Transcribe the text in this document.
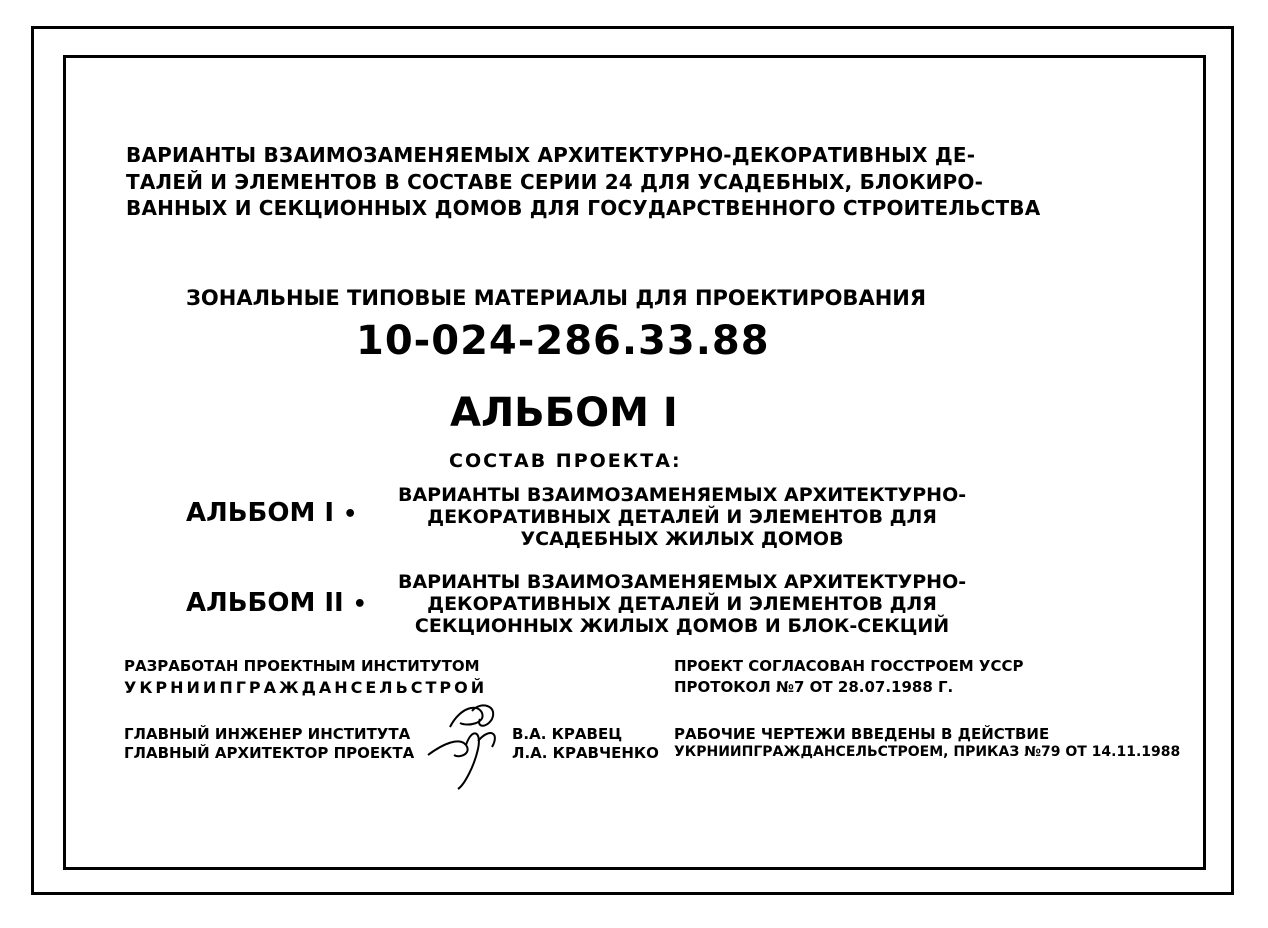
ВАРИАНТЫ ВЗАИМОЗАМЕНЯЕМЫХ АРХИТЕКТУРНО-ДЕКОРАТИВНЫХ ДЕ-
ТАЛЕЙ И ЭЛЕМЕНТОВ В СОСТАВЕ СЕРИИ 24 ДЛЯ УСАДЕБНЫХ, БЛОКИРО-
ВАННЫХ И СЕКЦИОННЫХ ДОМОВ ДЛЯ ГОСУДАРСТВЕННОГО СТРОИТЕЛЬСТВА
ЗОНАЛЬНЫЕ ТИПОВЫЕ МАТЕРИАЛЫ ДЛЯ ПРОЕКТИРОВАНИЯ
10-024-286.33.88
АЛЬБОМ I
СОСТАВ ПРОЕКТА:
АЛЬБОМ I •
ВАРИАНТЫ ВЗАИМОЗАМЕНЯЕМЫХ АРХИТЕКТУРНО-
ДЕКОРАТИВНЫХ ДЕТАЛЕЙ И ЭЛЕМЕНТОВ ДЛЯ
УСАДЕБНЫХ ЖИЛЫХ ДОМОВ
АЛЬБОМ II •
ВАРИАНТЫ ВЗАИМОЗАМЕНЯЕМЫХ АРХИТЕКТУРНО-
ДЕКОРАТИВНЫХ ДЕТАЛЕЙ И ЭЛЕМЕНТОВ ДЛЯ
СЕКЦИОННЫХ ЖИЛЫХ ДОМОВ И БЛОК-СЕКЦИЙ
РАЗРАБОТАН ПРОЕКТНЫМ ИНСТИТУТОМ
УКРНИИПГРАЖДАНСЕЛЬСТРОЙ
ГЛАВНЫЙ ИНЖЕНЕР ИНСТИТУТА
ГЛАВНЫЙ АРХИТЕКТОР ПРОЕКТА
В.А. КРАВЕЦ
Л.А. КРАВЧЕНКО
ПРОЕКТ СОГЛАСОВАН ГОССТРОЕМ УССР
ПРОТОКОЛ №7 ОТ 28.07.1988 Г.
РАБОЧИЕ ЧЕРТЕЖИ ВВЕДЕНЫ В ДЕЙСТВИЕ
УКРНИИПГРАЖДАНСЕЛЬСТРОЕМ, ПРИКАЗ №79 ОТ 14.11.1988
